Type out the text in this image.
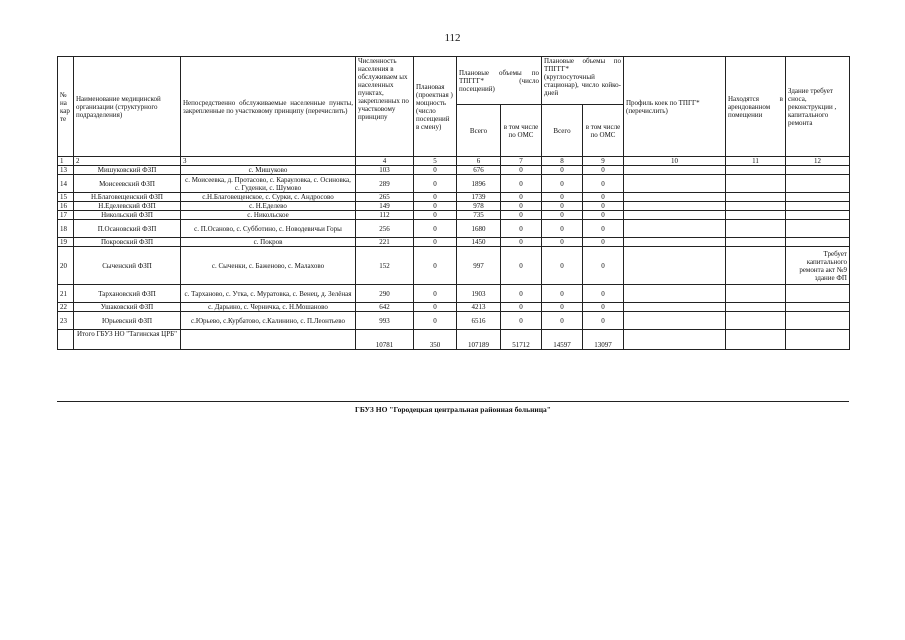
112
№ на кар те	Наименование медицинской организации (структурного подразделения)	Непосредственно обслуживаемые населенные пункты, закрепленные по участковому принципу (перечислить)	Численность населения в обслуживаем ых населенных пунктах, закрепленных по участковому принципу	Плановая (проектная ) мощность (число посещений в смену)	Плановые объемы по ТПГГГ* (число посещений)		Плановые объемы по ТПГГГ* (круглосуточный стационар), число койко-дней		Профиль коек по ТПГГ* (перечислить)	Находятся в арендованном помещении	Здание требует сноса, реконструкции , капитального ремонта
					Всего	в том числе по ОМС	Всего	в том числе по ОМС			
1	2	3	4	5	6	7	8	9	10	11	12
13	Мишуковский ФЗП	с. Мишуково	103	0	676	0	0	0			
14	Моисеевский ФЗП	с. Моисеевка, д. Протасово, с. Карауловка, с. Осиновка, с. Гуденки, с. Шумово	289	0	1896	0	0	0			
15	Н.Благовещенский ФЗП	с.Н.Благовещенское, с. Сурки, с. Андросово	265	0	1739	0	0	0			
16	Н.Еделевский ФЗП	с. Н.Еделево	149	0	978	0	0	0			
17	Никольский ФЗП	с. Никольское	112	0	735	0	0	0			
18	П.Осановский ФЗП	с. П.Осаново, с. Субботино, с. Новодевичьи Горы	256	0	1680	0	0	0			
19	Покровский ФЗП	с. Покров	221	0	1450	0	0	0			
20	Сыченский ФЗП	с. Сыченки, с. Баженово, с. Малахово	152	0	997	0	0	0			Требует капитального ремонта акт №9 здание ФП
21	Тархановский ФЗП	с. Тарханово, с. Утка, с. Муратовка, с. Венец, д. Зелёная	290	0	1903	0	0	0			
22	Ушаковский ФЗП	с. Дарьино, с. Черничка, с. Н.Мошаново	642	0	4213	0	0	0			
23	Юрьевский ФЗП	с.Юрьево, с.Курбатово, с.Калинино, с. П.Леонтьево	993	0	6516	0	0	0			
	Итого ГБУЗ НО "Тагинская ЦРБ"		10781	350	107189	51712	14597	13097			
ГБУЗ НО "Городецкая центральная районная больница"
